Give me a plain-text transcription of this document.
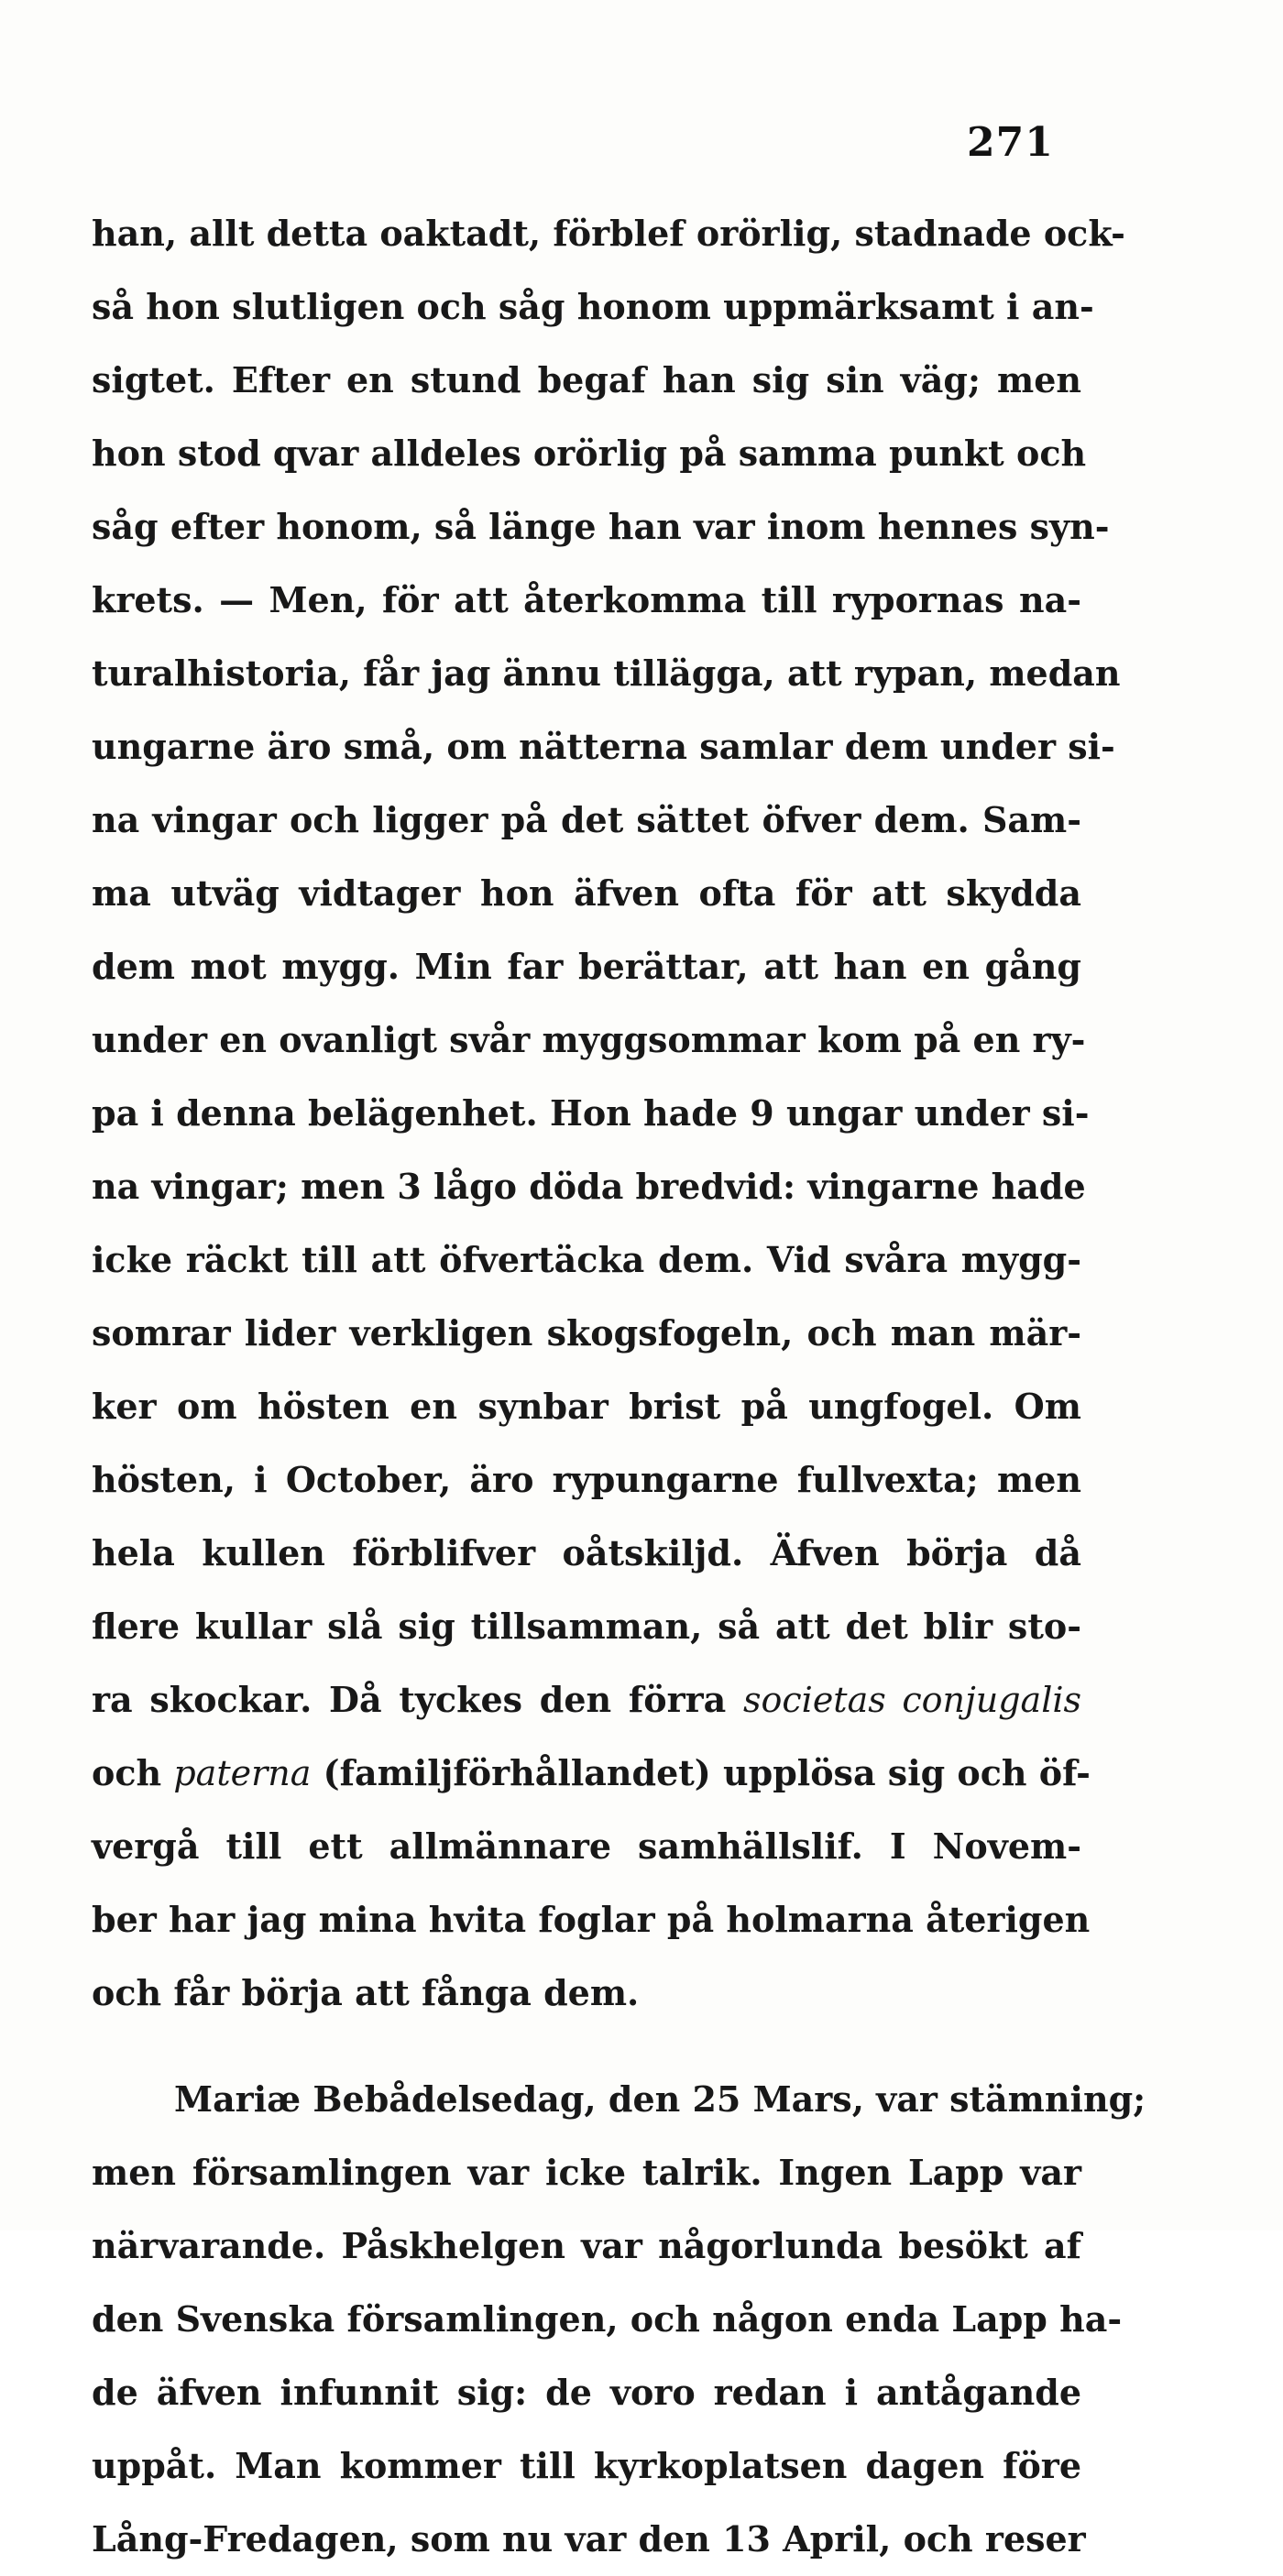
271
han, allt detta oaktadt, förblef orörlig, stadnade ock-
så hon slutligen och såg honom uppmärksamt i an-
sigtet. Efter en stund begaf han sig sin väg; men
hon stod qvar alldeles orörlig på samma punkt och
såg efter honom, så länge han var inom hennes syn-
krets. — Men, för att återkomma till rypornas na-
turalhistoria, får jag ännu tillägga, att rypan, medan
ungarne äro små, om nätterna samlar dem under si-
na vingar och ligger på det sättet öfver dem. Sam-
ma utväg vidtager hon äfven ofta för att skydda
dem mot mygg. Min far berättar, att han en gång
under en ovanligt svår myggsommar kom på en ry-
pa i denna belägenhet. Hon hade 9 ungar under si-
na vingar; men 3 lågo döda bredvid: vingarne hade
icke räckt till att öfvertäcka dem. Vid svåra mygg-
somrar lider verkligen skogsfogeln, och man mär-
ker om hösten en synbar brist på ungfogel. Om
hösten, i October, äro rypungarne fullvexta; men
hela kullen förblifver oåtskiljd. Äfven börja då
flere kullar slå sig tillsamman, så att det blir sto-
ra skockar. Då tyckes den förra societas conjugalis
och paterna (familjförhållandet) upplösa sig och öf-
vergå till ett allmännare samhällslif. I Novem-
ber har jag mina hvita foglar på holmarna återigen
och får börja att fånga dem.
Mariæ Bebådelsedag, den 25 Mars, var stämning;
men församlingen var icke talrik. Ingen Lapp var
närvarande. Påskhelgen var någorlunda besökt af
den Svenska församlingen, och någon enda Lapp ha-
de äfven infunnit sig: de voro redan i antågande
uppåt. Man kommer till kyrkoplatsen dagen före
Lång-Fredagen, som nu var den 13 April, och reser
